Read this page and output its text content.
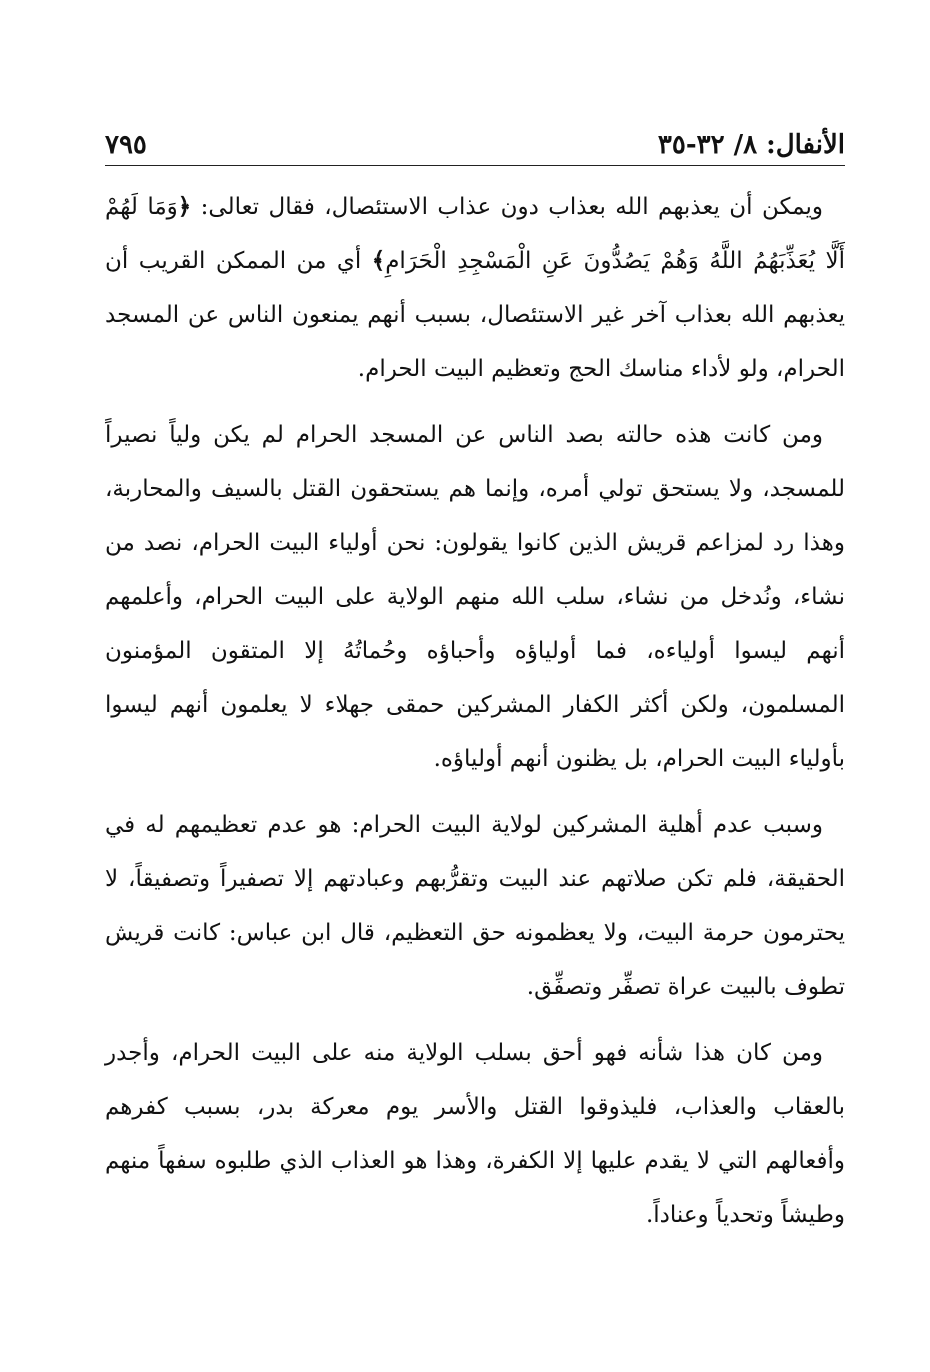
الأنفال: ٨/ ٣٢-٣٥
٧٩٥

ويمكن أن يعذبهم الله بعذاب دون عذاب الاستئصال، فقال تعالى: ﴿وَمَا لَهُمْ أَلَّا يُعَذِّبَهُمُ اللَّهُ وَهُمْ يَصُدُّونَ عَنِ الْمَسْجِدِ الْحَرَامِ﴾ أي من الممكن القريب أن يعذبهم الله بعذاب آخر غير الاستئصال، بسبب أنهم يمنعون الناس عن المسجد الحرام، ولو لأداء مناسك الحج وتعظيم البيت الحرام.

ومن كانت هذه حالته بصد الناس عن المسجد الحرام لم يكن ولياً نصيراً للمسجد، ولا يستحق تولي أمره، وإنما هم يستحقون القتل بالسيف والمحاربة، وهذا رد لمزاعم قريش الذين كانوا يقولون: نحن أولياء البيت الحرام، نصد من نشاء، ونُدخل من نشاء، سلب الله منهم الولاية على البيت الحرام، وأعلمهم أنهم ليسوا أولياءه، فما أولياؤه وأحباؤه وحُماتُهُ إلا المتقون المؤمنون المسلمون، ولكن أكثر الكفار المشركين حمقى جهلاء لا يعلمون أنهم ليسوا بأولياء البيت الحرام، بل يظنون أنهم أولياؤه.

وسبب عدم أهلية المشركين لولاية البيت الحرام: هو عدم تعظيمهم له في الحقيقة، فلم تكن صلاتهم عند البيت وتقرُّبهم وعبادتهم إلا تصفيراً وتصفيقاً، لا يحترمون حرمة البيت، ولا يعظمونه حق التعظيم، قال ابن عباس: كانت قريش تطوف بالبيت عراة تصفِّر وتصفِّق.

ومن كان هذا شأنه فهو أحق بسلب الولاية منه على البيت الحرام، وأجدر بالعقاب والعذاب، فليذوقوا القتل والأسر يوم معركة بدر، بسبب كفرهم وأفعالهم التي لا يقدم عليها إلا الكفرة، وهذا هو العذاب الذي طلبوه سفهاً منهم وطيشاً وتحدياً وعناداً.
